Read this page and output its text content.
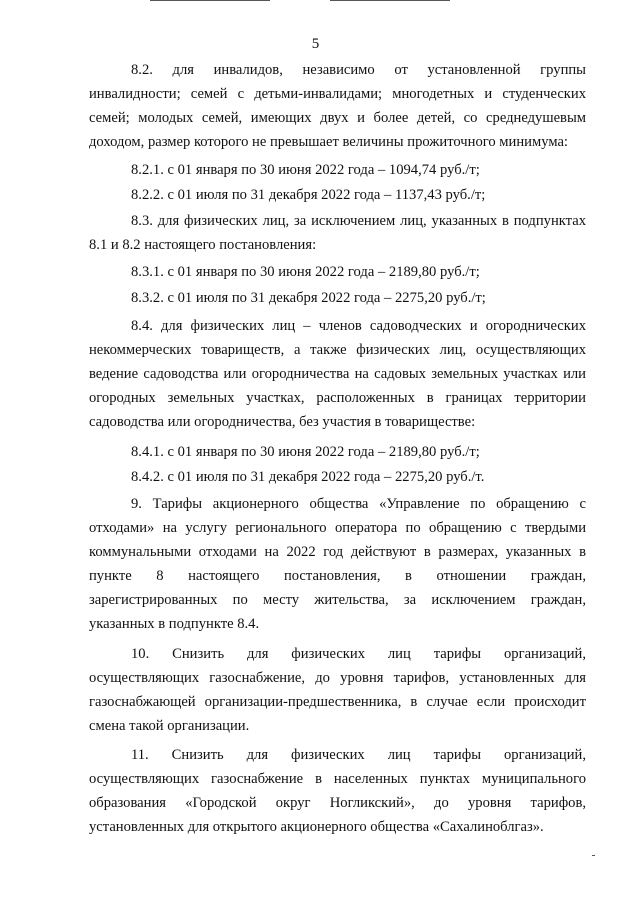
5
8.2. для инвалидов, независимо от установленной группы
инвалидности; семей с детьми-инвалидами; многодетных и студенческих
семей; молодых семей, имеющих двух и более детей, со среднедушевым
доходом, размер которого не превышает величины прожиточного минимума:
8.2.1. с 01 января по 30 июня 2022 года – 1094,74 руб./т;
8.2.2. с 01 июля по 31 декабря 2022 года – 1137,43 руб./т;
8.3. для физических лиц, за исключением лиц, указанных в подпунктах
8.1 и 8.2 настоящего постановления:
8.3.1. с 01 января по 30 июня 2022 года – 2189,80 руб./т;
8.3.2. с 01 июля по 31 декабря 2022 года – 2275,20 руб./т;
8.4. для физических лиц – членов садоводческих и огороднических
некоммерческих товариществ, а также физических лиц, осуществляющих
ведение садоводства или огородничества на садовых земельных участках или
огородных земельных участках, расположенных в границах территории
садоводства или огородничества, без участия в товариществе:
8.4.1. с 01 января по 30 июня 2022 года – 2189,80 руб./т;
8.4.2. с 01 июля по 31 декабря 2022 года – 2275,20 руб./т.
9. Тарифы акционерного общества «Управление по обращению с
отходами» на услугу регионального оператора по обращению с твердыми
коммунальными отходами на 2022 год действуют в размерах, указанных в
пункте 8 настоящего постановления, в отношении граждан,
зарегистрированных по месту жительства, за исключением граждан,
указанных в подпункте 8.4.
10. Снизить для физических лиц тарифы организаций,
осуществляющих газоснабжение, до уровня тарифов, установленных для
газоснабжающей организации-предшественника, в случае если происходит
смена такой организации.
11. Снизить для физических лиц тарифы организаций,
осуществляющих газоснабжение в населенных пунктах муниципального
образования «Городской округ Ногликский», до уровня тарифов,
установленных для открытого акционерного общества «Сахалиноблгаз».
